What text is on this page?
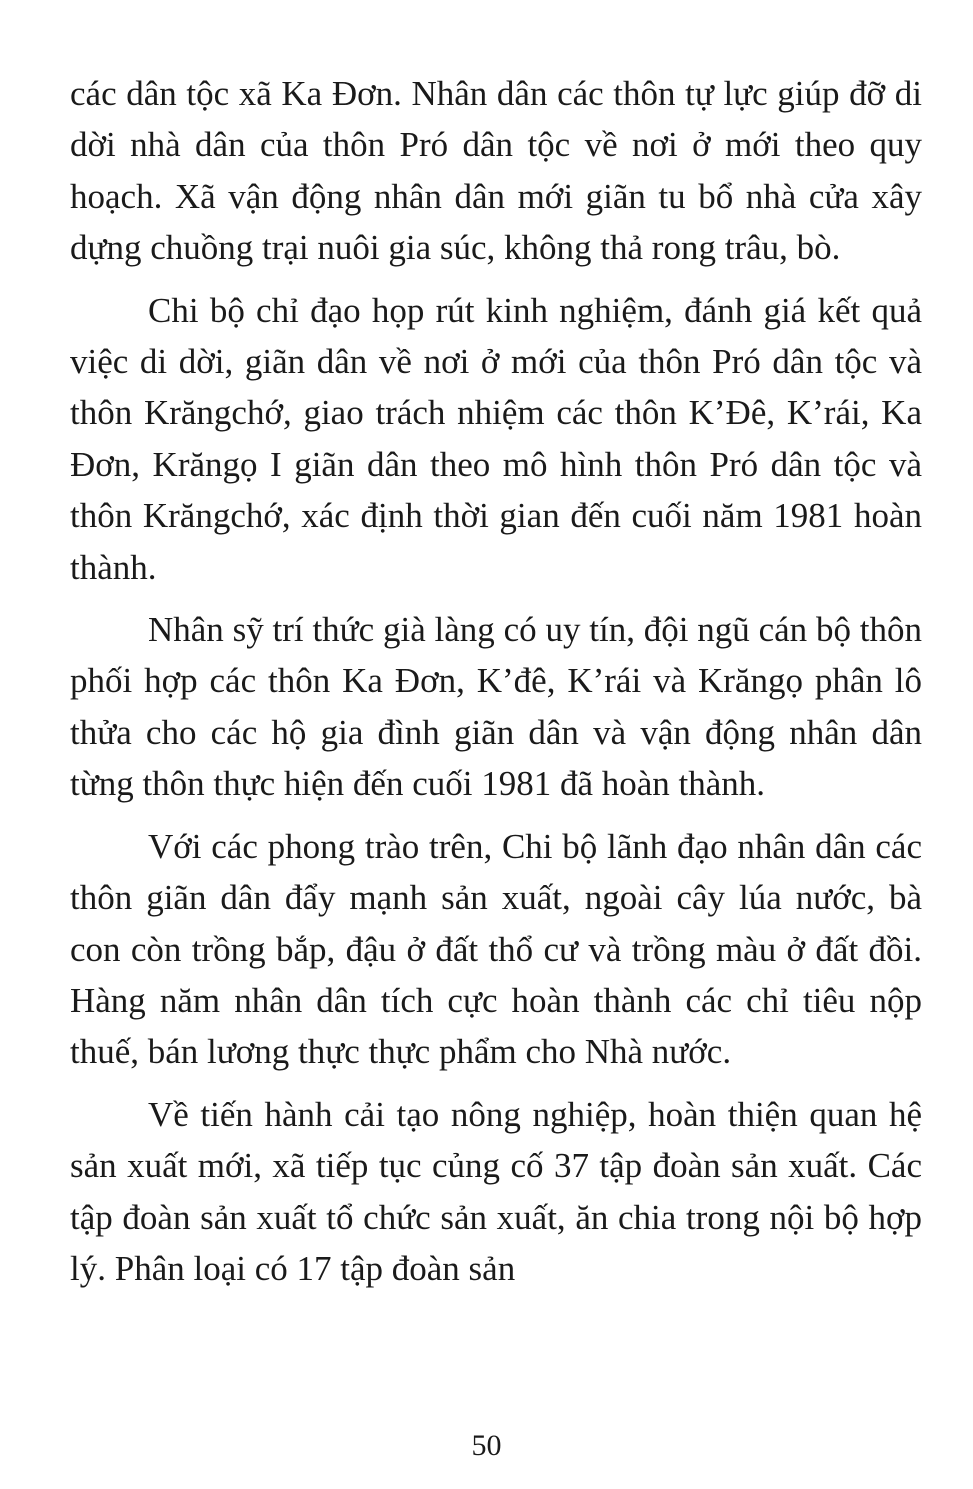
các dân tộc xã Ka Đơn. Nhân dân các thôn tự lực giúp đỡ di dời nhà dân của thôn Pró dân tộc về nơi ở mới theo quy hoạch. Xã vận động nhân dân mới giãn tu bổ nhà cửa xây dựng chuồng trại nuôi gia súc, không thả rong trâu, bò.

Chi bộ chỉ đạo họp rút kinh nghiệm, đánh giá kết quả việc di dời, giãn dân về nơi ở mới của thôn Pró dân tộc và thôn Krăngchớ, giao trách nhiệm các thôn K’Đê, K’rái, Ka Đơn, Krăngọ I giãn dân theo mô hình thôn Pró dân tộc và thôn Krăngchớ, xác định thời gian đến cuối năm 1981 hoàn thành.

Nhân sỹ trí thức già làng có uy tín, đội ngũ cán bộ thôn phối hợp các thôn Ka Đơn, K’đê, K’rái và Krăngọ phân lô thửa cho các hộ gia đình giãn dân và vận động nhân dân từng thôn thực hiện đến cuối 1981 đã hoàn thành.

Với các phong trào trên, Chi bộ lãnh đạo nhân dân các thôn giãn dân đẩy mạnh sản xuất, ngoài cây lúa nước, bà con còn trồng bắp, đậu ở đất thổ cư và trồng màu ở đất đồi. Hàng năm nhân dân tích cực hoàn thành các chỉ tiêu nộp thuế, bán lương thực thực phẩm cho Nhà nước.

Về tiến hành cải tạo nông nghiệp, hoàn thiện quan hệ sản xuất mới, xã tiếp tục củng cố 37 tập đoàn sản xuất. Các tập đoàn sản xuất tổ chức sản xuất, ăn chia trong nội bộ hợp lý. Phân loại có 17 tập đoàn sản

50
